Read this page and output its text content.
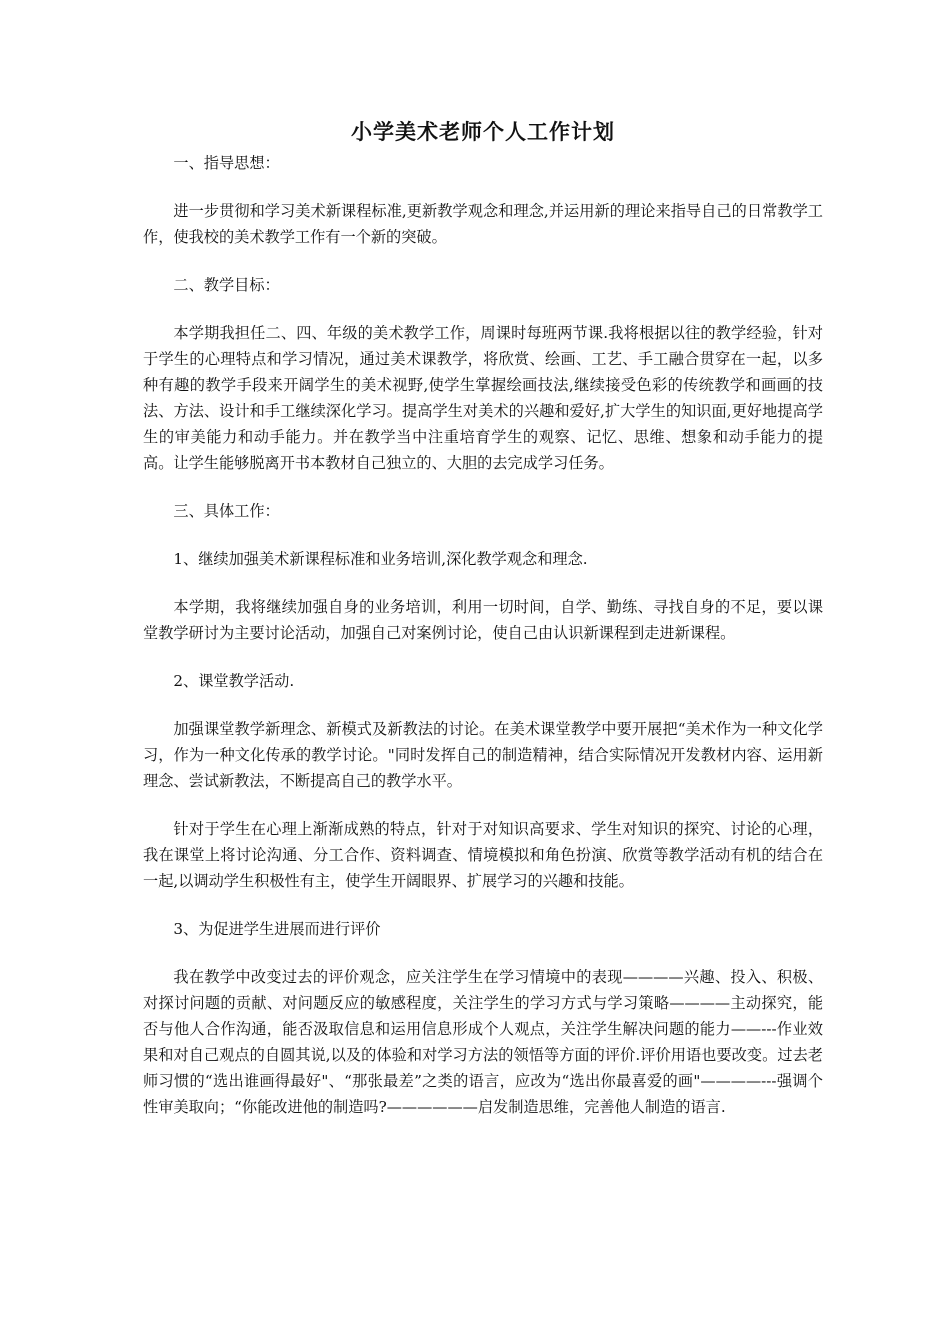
小学美术老师个人工作计划

一、指导思想：

进一步贯彻和学习美术新课程标准,更新教学观念和理念,并运用新的理论来指导自己的日常教学工作，使我校的美术教学工作有一个新的突破。

二、教学目标：

本学期我担任二、四、年级的美术教学工作，周课时每班两节课.我将根据以往的教学经验，针对于学生的心理特点和学习情况，通过美术课教学，将欣赏、绘画、工艺、手工融合贯穿在一起，以多种有趣的教学手段来开阔学生的美术视野,使学生掌握绘画技法,继续接受色彩的传统教学和画画的技法、方法、设计和手工继续深化学习。提高学生对美术的兴趣和爱好,扩大学生的知识面,更好地提高学生的审美能力和动手能力。并在教学当中注重培育学生的观察、记忆、思维、想象和动手能力的提高。让学生能够脱离开书本教材自己独立的、大胆的去完成学习任务。

三、具体工作：

1、继续加强美术新课程标准和业务培训,深化教学观念和理念.

本学期，我将继续加强自身的业务培训，利用一切时间，自学、勤练、寻找自身的不足，要以课堂教学研讨为主要讨论活动，加强自己对案例讨论，使自己由认识新课程到走进新课程。

2、课堂教学活动.

加强课堂教学新理念、新模式及新教法的讨论。在美术课堂教学中要开展把“美术作为一种文化学习，作为一种文化传承的教学讨论。"同时发挥自己的制造精神，结合实际情况开发教材内容、运用新理念、尝试新教法，不断提高自己的教学水平。

针对于学生在心理上渐渐成熟的特点，针对于对知识高要求、学生对知识的探究、讨论的心理，我在课堂上将讨论沟通、分工合作、资料调查、情境模拟和角色扮演、欣赏等教学活动有机的结合在一起,以调动学生积极性有主，使学生开阔眼界、扩展学习的兴趣和技能。

3、为促进学生进展而进行评价

我在教学中改变过去的评价观念，应关注学生在学习情境中的表现————兴趣、投入、积极、对探讨问题的贡献、对问题反应的敏感程度，关注学生的学习方式与学习策略————主动探究，能否与他人合作沟通，能否汲取信息和运用信息形成个人观点，关注学生解决问题的能力——---作业效果和对自己观点的自圆其说,以及的体验和对学习方法的领悟等方面的评价.评价用语也要改变。过去老师习惯的“选出谁画得最好"、“那张最差”之类的语言，应改为“选出你最喜爱的画"————---强调个性审美取向；“你能改进他的制造吗?——————启发制造思维，完善他人制造的语言.
